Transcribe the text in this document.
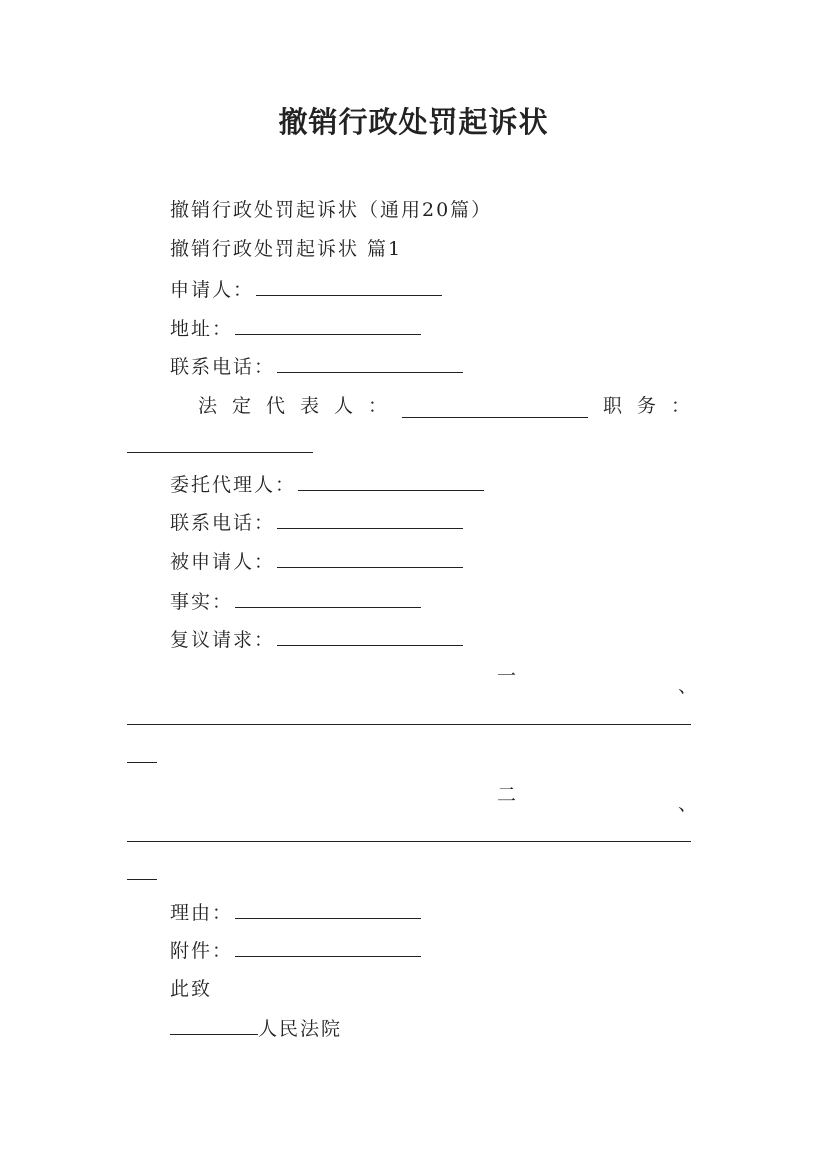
撤销行政处罚起诉状
撤销行政处罚起诉状（通用20篇）
撤销行政处罚起诉状 篇1
申请人：
地址：
联系电话：
法 定 代 表 人 ：	职 务 ：
委托代理人：
联系电话：
被申请人：
事实：
复议请求：
一	、
二	、
理由：
附件：
此致
人民法院
